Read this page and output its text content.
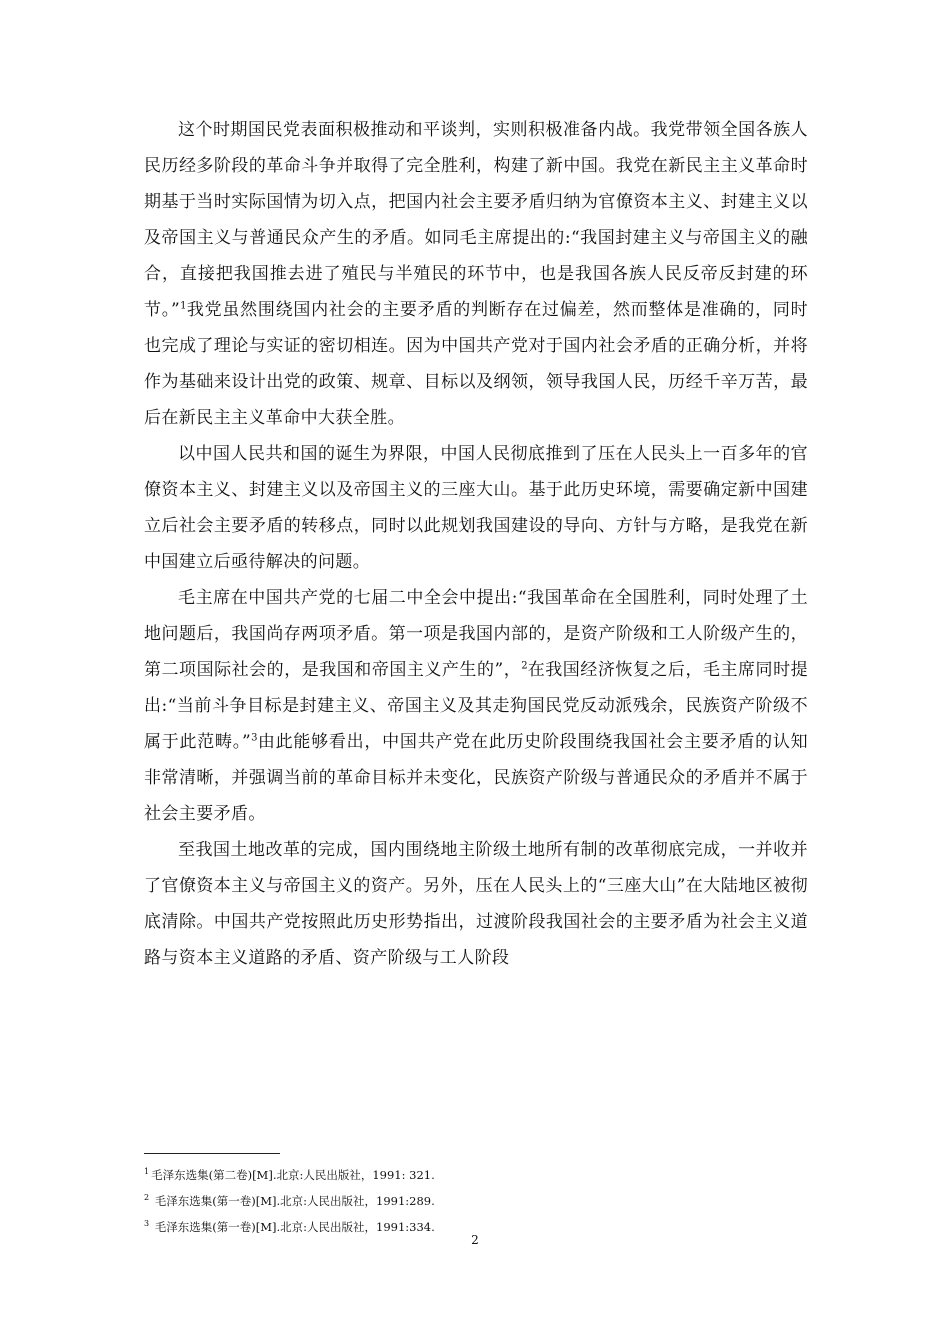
这个时期国民党表面积极推动和平谈判，实则积极准备内战。我党带领全国各族人民历经多阶段的革命斗争并取得了完全胜利，构建了新中国。我党在新民主主义革命时期基于当时实际国情为切入点，把国内社会主要矛盾归纳为官僚资本主义、封建主义以及帝国主义与普通民众产生的矛盾。如同毛主席提出的:“我国封建主义与帝国主义的融合，直接把我国推去进了殖民与半殖民的环节中，也是我国各族人民反帝反封建的环节。”$^1$我党虽然围绕国内社会的主要矛盾的判断存在过偏差，然而整体是准确的，同时也完成了理论与实证的密切相连。因为中国共产党对于国内社会矛盾的正确分析，并将作为基础来设计出党的政策、规章、目标以及纲领，领导我国人民，历经千辛万苦，最后在新民主主义革命中大获全胜。

以中国人民共和国的诞生为界限，中国人民彻底推到了压在人民头上一百多年的官僚资本主义、封建主义以及帝国主义的三座大山。基于此历史环境，需要确定新中国建立后社会主要矛盾的转移点，同时以此规划我国建设的导向、方针与方略，是我党在新中国建立后亟待解决的问题。

毛主席在中国共产党的七届二中全会中提出:“我国革命在全国胜利，同时处理了土地问题后，我国尚存两项矛盾。第一项是我国内部的，是资产阶级和工人阶级产生的，第二项国际社会的，是我国和帝国主义产生的”，$^2$在我国经济恢复之后，毛主席同时提出:“当前斗争目标是封建主义、帝国主义及其走狗国民党反动派残余，民族资产阶级不属于此范畴。”$^3$由此能够看出，中国共产党在此历史阶段围绕我国社会主要矛盾的认知非常清晰，并强调当前的革命目标并未变化，民族资产阶级与普通民众的矛盾并不属于社会主要矛盾。

至我国土地改革的完成，国内围绕地主阶级土地所有制的改革彻底完成，一并收并了官僚资本主义与帝国主义的资产。另外，压在人民头上的“三座大山”在大陆地区被彻底清除。中国共产党按照此历史形势指出，过渡阶段我国社会的主要矛盾为社会主义道路与资本主义道路的矛盾、资产阶级与工人阶段

$^1$ 毛泽东选集(第二卷)[M].北京:人民出版社，1991: 321.

$^2$ 毛泽东选集(第一卷)[M].北京:人民出版社，1991:289.

$^3$ 毛泽东选集(第一卷)[M].北京:人民出版社，1991:334.

2
